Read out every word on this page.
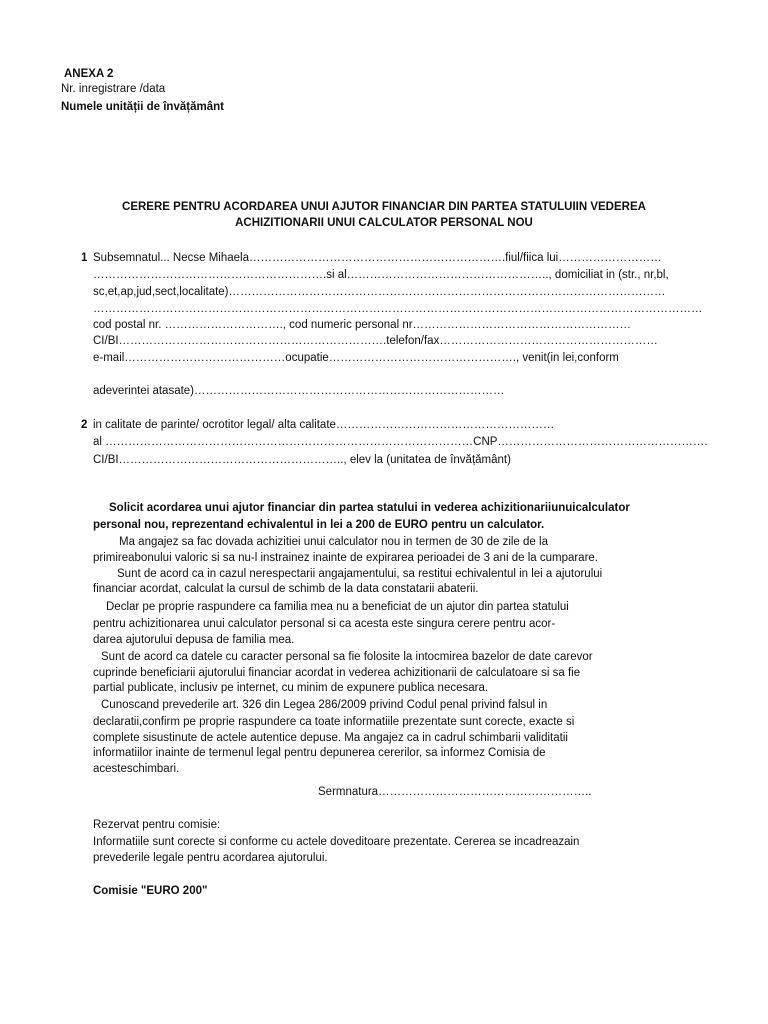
ANEXA 2
Nr. inregistrare /data
Numele unității de învățământ
CERERE PENTRU ACORDAREA UNUI AJUTOR FINANCIAR DIN PARTEA STATULUIIN VEDEREA
ACHIZITIONARII UNUI CALCULATOR PERSONAL NOU
1 Subsemnatul... Necse Mihaela………………………………………………………….fiul/fiica lui………………………
…………………………………………………….si al…………………………………………….., domiciliat in (str., nr,bl,
sc,et,ap,jud,sect,localitate)……………………………………………………………………………………………………
……………………………………………………………………………………………………………………………………………
cod postal nr. …………………………., cod numeric personal nr…………………………………………………
CI/BI…………………………………………………………….telefon/fax…………………………………………………
e-mail……………………………………ocupatie…………………………………………., venit(in lei,conform
adeverintei atasate)………………………………………………………………………
2 in calitate de parinte/ ocrotitor legal/ alta calitate…………………………………………………
al ……………………………………………………………………………………CNP……………………………………………….
CI/BI………………………………………………….., elev la (unitatea de învățământ)
Solicit acordarea unui ajutor financiar din partea statului in vederea achizitionariiunuicalculator
personal nou, reprezentand echivalentul in lei a 200 de EURO pentru un calculator.
Ma angajez sa fac dovada achizitiei unui calculator nou in termen de 30 de zile de la
primireabonului valoric si sa nu-l instrainez inainte de expirarea perioadei de 3 ani de la cumparare.
Sunt de acord ca in cazul nerespectarii angajamentului, sa restitui echivalentul in lei a ajutorului
financiar acordat, calculat la cursul de schimb de la data constatarii abaterii.
Declar pe proprie raspundere ca familia mea nu a beneficiat de un ajutor din partea statului
pentru achizitionarea unui calculator personal si ca acesta este singura cerere pentru acor-
darea ajutorului depusa de familia mea.
Sunt de acord ca datele cu caracter personal sa fie folosite la intocmirea bazelor de date carevor
cuprinde beneficiarii ajutorului financiar acordat in vederea achizitionarii de calculatoare si sa fie
partial publicate, inclusiv pe internet, cu minim de expunere publica necesara.
Cunoscand prevederile art. 326 din Legea 286/2009 privind Codul penal privind falsul in
declaratii,confirm pe proprie raspundere ca toate informatiile prezentate sunt corecte, exacte si
complete sisustinute de actele autentice depuse. Ma angajez ca in cadrul schimbarii validitatii
informatiilor inainte de termenul legal pentru depunerea cererilor, sa informez Comisia de
acesteschimbari.
Sermnatura………………………………………………..
Rezervat pentru comisie:
Informatiile sunt corecte si conforme cu actele doveditoare prezentate. Cererea se incadreazain
prevederile legale pentru acordarea ajutorului.
Comisie "EURO 200"
